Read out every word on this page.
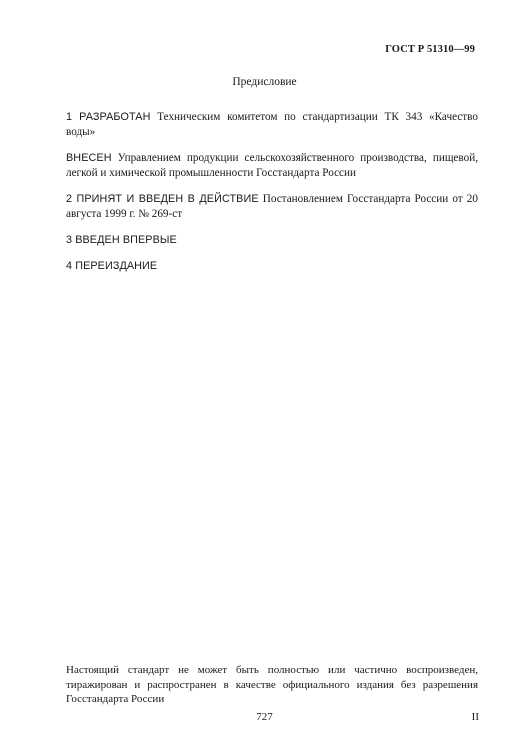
ГОСТ Р 51310—99
Предисловие

1 РАЗРАБОТАН Техническим комитетом по стандартизации ТК 343 «Качество воды»

ВНЕСЕН Управлением продукции сельскохозяйственного производства, пищевой, легкой и химической промышленности Госстандарта России

2 ПРИНЯТ И ВВЕДЕН В ДЕЙСТВИЕ Постановлением Госстандарта России от 20 августа 1999 г. № 269-ст

3 ВВЕДЕН ВПЕРВЫЕ

4 ПЕРЕИЗДАНИЕ

Настоящий стандарт не может быть полностью или частично воспроизведен, тиражирован и распространен в качестве официального издания без разрешения Госстандарта России
727	II
